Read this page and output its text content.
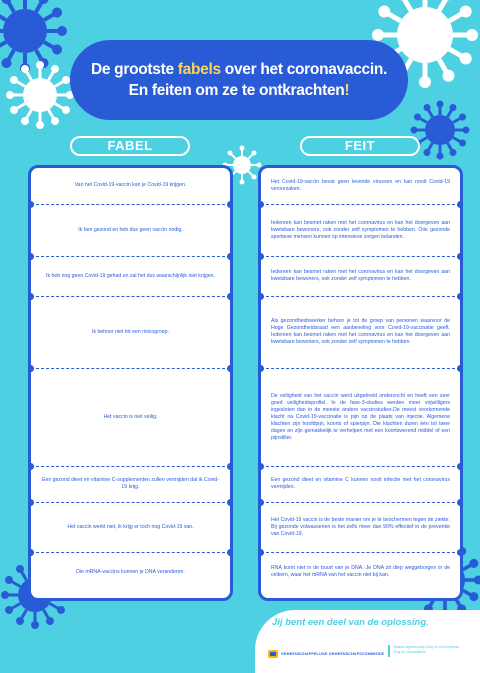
De grootste fabels over het coronavaccin.
En feiten om ze te ontkrachten!
FABEL	FEIT
Van het Covid-19-vaccin kan je Covid-19 krijgen.
Ik ben gezond en heb dus geen vaccin nodig.
Ik heb nog geen Covid-19 gehad en zal het dus waarschijnlijk niet krijgen.
Ik behoor niet tot een risicogroep.
Het vaccin is niet veilig.
Een gezond dieet en vitamine C-supplementen zullen vermijden dat ik Covid-19 krijg.
Het vaccin werkt niet, ik krijg er toch nog Covid-19 van.
Die mRNA-vaccins kunnen je DNA veranderen.
Het Covid-19-vaccin bevat geen levende virussen en kan nooit Covid-19 veroorzaken.
Iedereen kan besmet raken met het coronavirus en kan het doorgeven aan kwetsbare bewoners, ook zonder zelf symptomen te hebben. Ook gezonde sportieve mensen kunnen op intensieve zorgen belanden.
Iedereen kan besmet raken met het coronavirus en kan het doorgeven aan kwetsbare bewoners, ook zonder zelf symptomen te hebben.
Als gezondheidswerker behoor je tot de groep van personen waarvoor de Hoge Gezondheidsraad een aanbeveling voor Covid-19-vaccinatie geeft. Iedereen kan besmet raken met het coronavirus en kan het doorgeven aan kwetsbare bewoners, ook zonder zelf symptomen te hebben.
De veiligheid van het vaccin werd uitgebreid onderzocht en heeft een zeer goed veiligheidsprofiel. In de fase-3-studies werden meer vrijwilligers ingesloten dan in de meeste andere vaccinstudies.De meest voorkomende klacht na Covid-19-vaccinatie is pijn op de plaats van injectie. Algemene klachten zijn hoofdpijn, koorts of spierpijn. Die klachten duren één tot twee dagen en zijn gemakkelijk te verhelpen met een koortswerend middel of een pijnstiller.
Een gezond dieet en vitamine C kunnen nooit infectie met het coronavirus vermijden.
Het Covid-19 vaccin is de beste manier om je te beschermen tegen de ziekte. Bij gezonde volwassenen is het zelfs meer dan 90% effectief in de preventie van Covid-19.
RNA komt niet in de buurt van je DNA. Je DNA zit diep weggeborgen in de celkern, waar het mRNA van het vaccin niet bij kan.
Jij bent een deel van de oplossing.
GEMEENSCHAPPELIJKE GEMEENSCHAPSCOMMISSIE
Vlaams Agentschap Zorg en Gezondheid, Zorg en Gezondheid
